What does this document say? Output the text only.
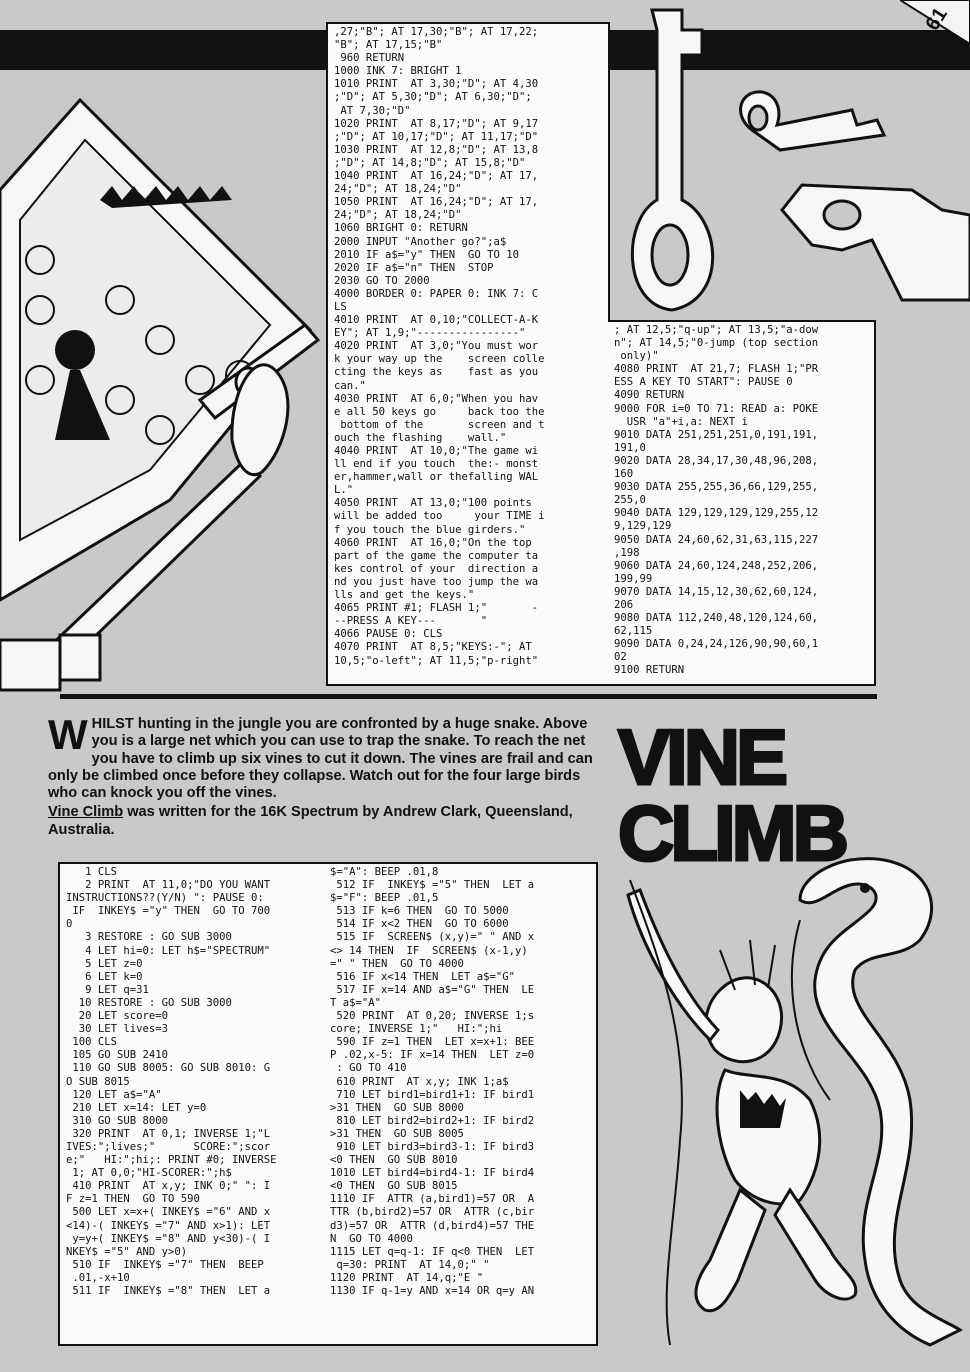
61

,27;"B"; AT 17,30;"B"; AT 17,22;
"B"; AT 17,15;"B"
960 RETURN
1000 INK 7: BRIGHT 1
1010 PRINT  AT 3,30;"D"; AT 4,30
;"D"; AT 5,30;"D"; AT 6,30;"D";
AT 7,30;"D"
1020 PRINT  AT 8,17;"D"; AT 9,17
;"D"; AT 10,17;"D"; AT 11,17;"D"
1030 PRINT  AT 12,8;"D"; AT 13,8
;"D"; AT 14,8;"D"; AT 15,8;"D"
1040 PRINT  AT 16,24;"D"; AT 17,
24;"D"; AT 18,24;"D"
1050 PRINT  AT 16,24;"D"; AT 17,
24;"D"; AT 18,24;"D"
1060 BRIGHT 0: RETURN
2000 INPUT "Another go?";a$
2010 IF a$="y" THEN  GO TO 10
2020 IF a$="n" THEN  STOP
2030 GO TO 2000
4000 BORDER 0: PAPER 0: INK 7: C
LS
4010 PRINT  AT 0,10;"COLLECT-A-K
EY"; AT 1,9;"----------------"
4020 PRINT  AT 3,0;"You must wor
k your way up the    screen colle
cting the keys as    fast as you
can."
4030 PRINT  AT 6,0;"When you hav
e all 50 keys go     back too the
bottom of the       screen and t
ouch the flashing    wall."
4040 PRINT  AT 10,0;"The game wi
ll end if you touch  the:- monst
er,hammer,wall or thefalling WAL
L."
4050 PRINT  AT 13,0;"100 points
will be added too     your TIME i
f you touch the blue girders."
4060 PRINT  AT 16,0;"On the top
part of the game the computer ta
kes control of your  direction a
nd you just have too jump the wa
lls and get the keys."
4065 PRINT #1; FLASH 1;"       -
--PRESS A KEY---       "
4066 PAUSE 0: CLS
4070 PRINT  AT 8,5;"KEYS:-"; AT
10,5;"o-left"; AT 11,5;"p-right"

; AT 12,5;"q-up"; AT 13,5;"a-dow
n"; AT 14,5;"0-jump (top section
only)"
4080 PRINT  AT 21,7; FLASH 1;"PR
ESS A KEY TO START": PAUSE 0
4090 RETURN
9000 FOR i=0 TO 71: READ a: POKE
USR "a"+i,a: NEXT i
9010 DATA 251,251,251,0,191,191,
191,0
9020 DATA 28,34,17,30,48,96,208,
160
9030 DATA 255,255,36,66,129,255,
255,0
9040 DATA 129,129,129,129,255,12
9,129,129
9050 DATA 24,60,62,31,63,115,227
,198
9060 DATA 24,60,124,248,252,206,
199,99
9070 DATA 14,15,12,30,62,60,124,
206
9080 DATA 112,240,48,120,124,60,
62,115
9090 DATA 0,24,24,126,90,90,60,1
02
9100 RETURN

WHILST hunting in the jungle you are confronted by a huge snake. Above you is a large net which you can use to trap the snake. To reach the net you have to climb up six vines to cut it down. The vines are frail and can only be climbed once before they collapse. Watch out for the four large birds who can knock you off the vines.
Vine Climb was written for the 16K Spectrum by Andrew Clark, Queensland, Australia.
VINE
CLIMB

1 CLS
2 PRINT  AT 11,0;"DO YOU WANT
INSTRUCTIONS??(Y/N) ": PAUSE 0:
IF  INKEY$ ="y" THEN  GO TO 700
0
3 RESTORE : GO SUB 3000
4 LET hi=0: LET h$="SPECTRUM"
5 LET z=0
6 LET k=0
9 LET q=31
10 RESTORE : GO SUB 3000
20 LET score=0
30 LET lives=3
100 CLS
105 GO SUB 2410
110 GO SUB 8005: GO SUB 8010: G
O SUB 8015
120 LET a$="A"
210 LET x=14: LET y=0
310 GO SUB 8000
320 PRINT  AT 0,1; INVERSE 1;"L
IVES:";lives;"      SCORE:";scor
e;"   HI:";hi;: PRINT #0; INVERSE
1; AT 0,0;"HI-SCORER:";h$
410 PRINT  AT x,y; INK 0;" ": I
F z=1 THEN  GO TO 590
500 LET x=x+( INKEY$ ="6" AND x
<14)-( INKEY$ ="7" AND x>1): LET
y=y+( INKEY$ ="8" AND y<30)-( I
NKEY$ ="5" AND y>0)
510 IF  INKEY$ ="7" THEN  BEEP
.01,-x+10
511 IF  INKEY$ ="8" THEN  LET a

$="A": BEEP .01,8
512 IF  INKEY$ ="5" THEN  LET a
$="F": BEEP .01,5
513 IF k=6 THEN  GO TO 5000
514 IF x<2 THEN  GO TO 6000
515 IF  SCREEN$ (x,y)=" " AND x
<> 14 THEN  IF  SCREEN$ (x-1,y)
=" " THEN  GO TO 4000
516 IF x<14 THEN  LET a$="G"
517 IF x=14 AND a$="G" THEN  LE
T a$="A"
520 PRINT  AT 0,20; INVERSE 1;s
core; INVERSE 1;"   HI:";hi
590 IF z=1 THEN  LET x=x+1: BEE
P .02,x-5: IF x=14 THEN  LET z=0
: GO TO 410
610 PRINT  AT x,y; INK 1;a$
710 LET bird1=bird1+1: IF bird1
>31 THEN  GO SUB 8000
810 LET bird2=bird2+1: IF bird2
>31 THEN  GO SUB 8005
910 LET bird3=bird3-1: IF bird3
<0 THEN  GO SUB 8010
1010 LET bird4=bird4-1: IF bird4
<0 THEN  GO SUB 8015
1110 IF  ATTR (a,bird1)=57 OR  A
TTR (b,bird2)=57 OR  ATTR (c,bir
d3)=57 OR  ATTR (d,bird4)=57 THE
N  GO TO 4000
1115 LET q=q-1: IF q<0 THEN  LET
q=30: PRINT  AT 14,0;" "
1120 PRINT  AT 14,q;"E "
1130 IF q-1=y AND x=14 OR q=y AN
